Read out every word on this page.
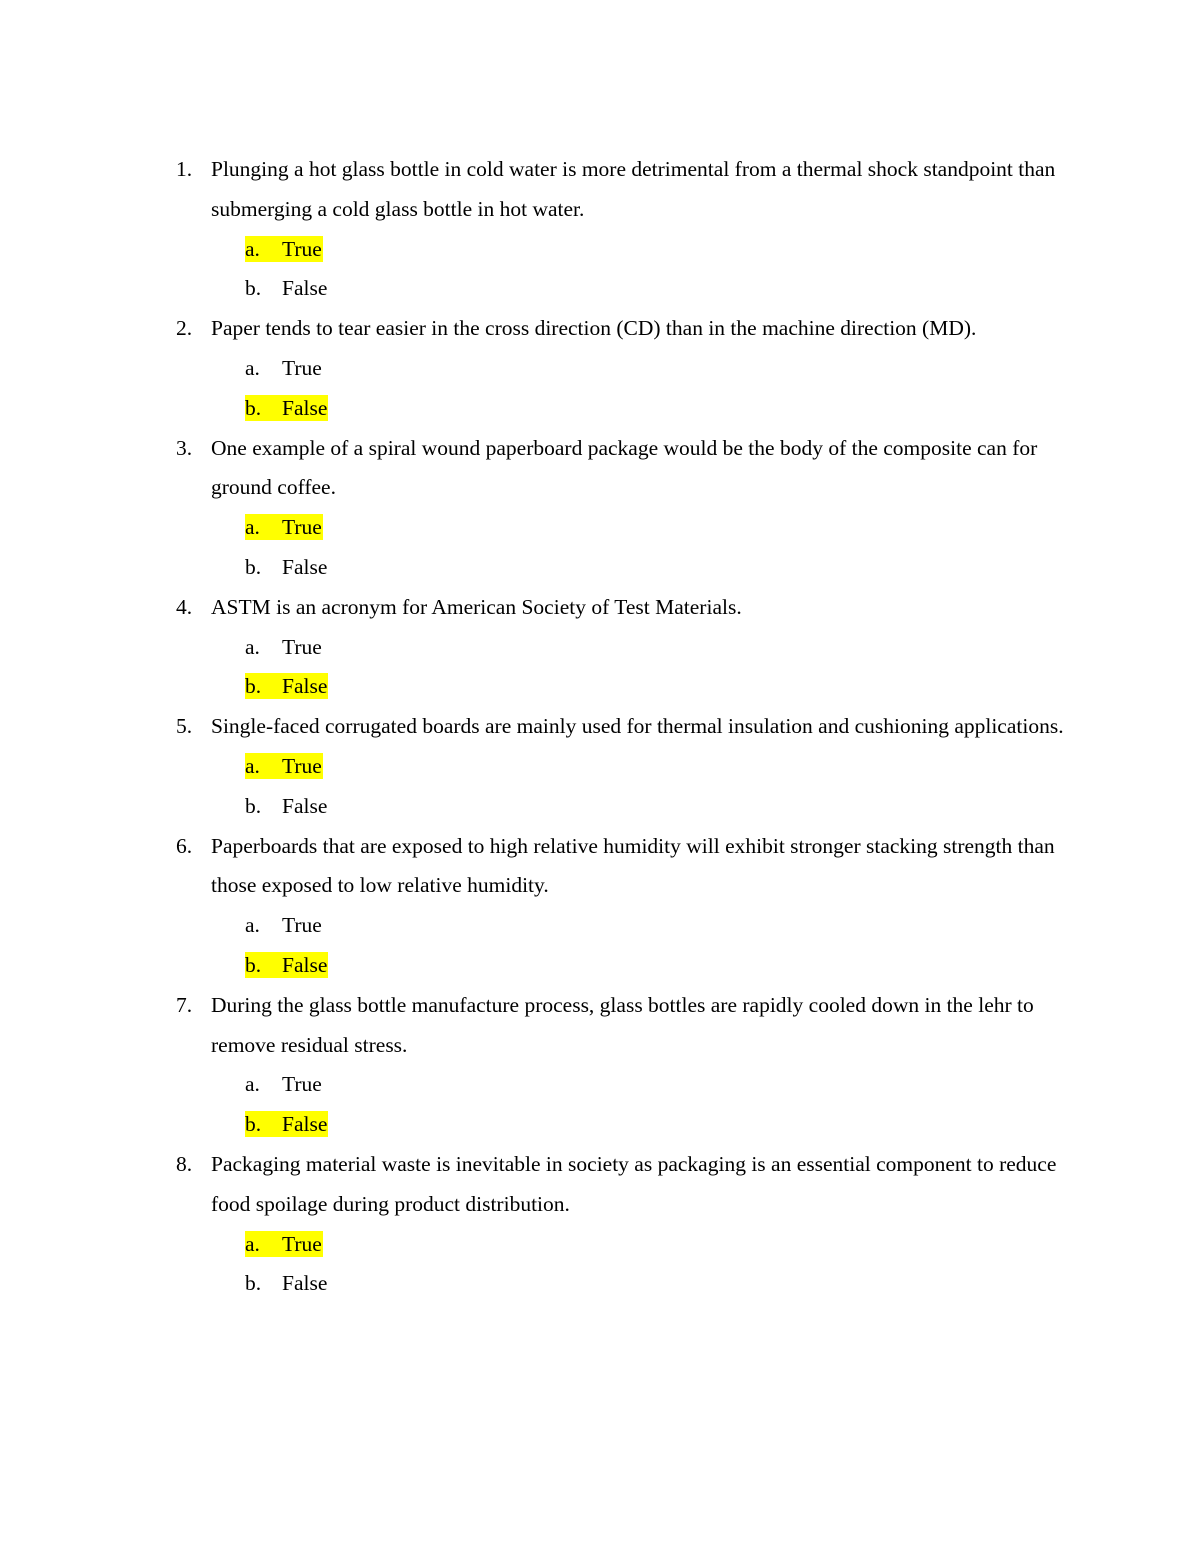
1. Plunging a hot glass bottle in cold water is more detrimental from a thermal shock standpoint than submerging a cold glass bottle in hot water.
a. True
b. False
2. Paper tends to tear easier in the cross direction (CD) than in the machine direction (MD).
a. True
b. False
3. One example of a spiral wound paperboard package would be the body of the composite can for ground coffee.
a. True
b. False
4. ASTM is an acronym for American Society of Test Materials.
a. True
b. False
5. Single-faced corrugated boards are mainly used for thermal insulation and cushioning applications.
a. True
b. False
6. Paperboards that are exposed to high relative humidity will exhibit stronger stacking strength than those exposed to low relative humidity.
a. True
b. False
7. During the glass bottle manufacture process, glass bottles are rapidly cooled down in the lehr to remove residual stress.
a. True
b. False
8. Packaging material waste is inevitable in society as packaging is an essential component to reduce food spoilage during product distribution.
a. True
b. False
